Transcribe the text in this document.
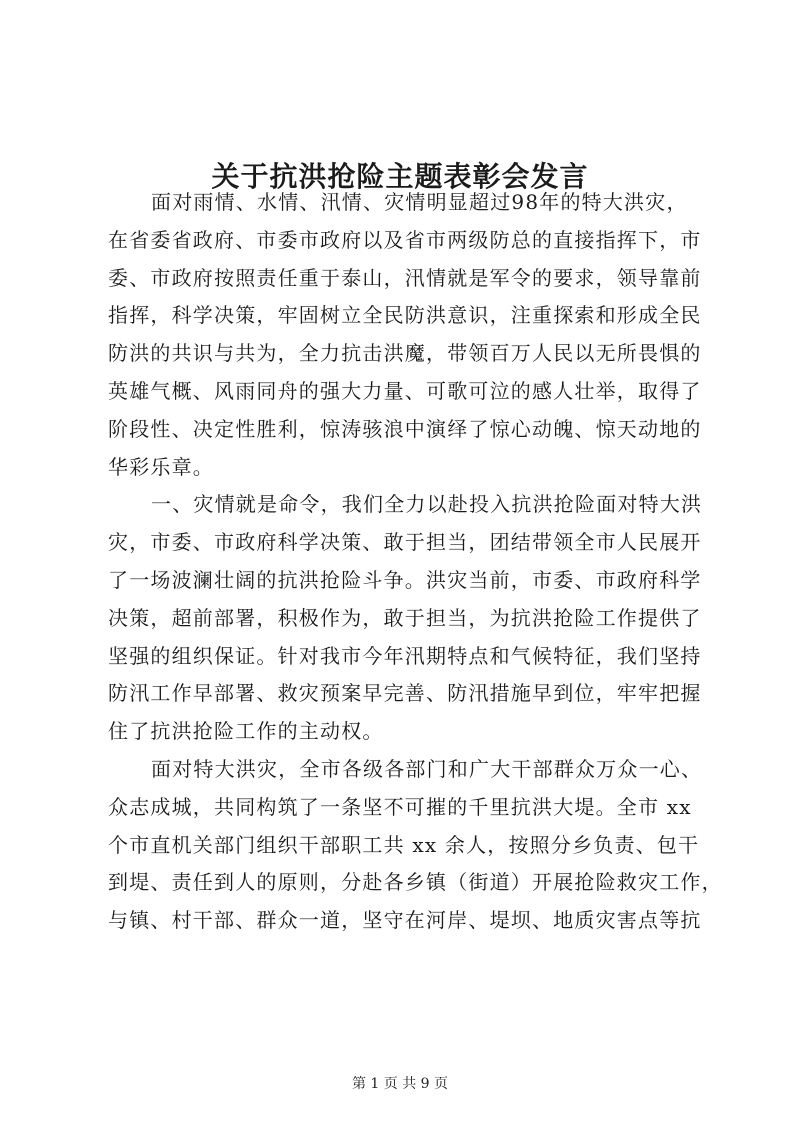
关于抗洪抢险主题表彰会发言

面对雨情、水情、汛情、灾情明显超过98年的特大洪灾，
在省委省政府、市委市政府以及省市两级防总的直接指挥下，市
委、市政府按照责任重于泰山，汛情就是军令的要求，领导靠前
指挥，科学决策，牢固树立全民防洪意识，注重探索和形成全民
防洪的共识与共为，全力抗击洪魔，带领百万人民以无所畏惧的
英雄气概、风雨同舟的强大力量、可歌可泣的感人壮举，取得了
阶段性、决定性胜利，惊涛骇浪中演绎了惊心动魄、惊天动地的
华彩乐章。

一、灾情就是命令，我们全力以赴投入抗洪抢险面对特大洪
灾，市委、市政府科学决策、敢于担当，团结带领全市人民展开
了一场波澜壮阔的抗洪抢险斗争。洪灾当前，市委、市政府科学
决策，超前部署，积极作为，敢于担当，为抗洪抢险工作提供了
坚强的组织保证。针对我市今年汛期特点和气候特征，我们坚持
防汛工作早部署、救灾预案早完善、防汛措施早到位，牢牢把握
住了抗洪抢险工作的主动权。

面对特大洪灾，全市各级各部门和广大干部群众万众一心、
众志成城，共同构筑了一条坚不可摧的千里抗洪大堤。全市 xx
个市直机关部门组织干部职工共 xx 余人，按照分乡负责、包干
到堤、责任到人的原则，分赴各乡镇（街道）开展抢险救灾工作，
与镇、村干部、群众一道，坚守在河岸、堤坝、地质灾害点等抗

第 1 页 共 9 页
